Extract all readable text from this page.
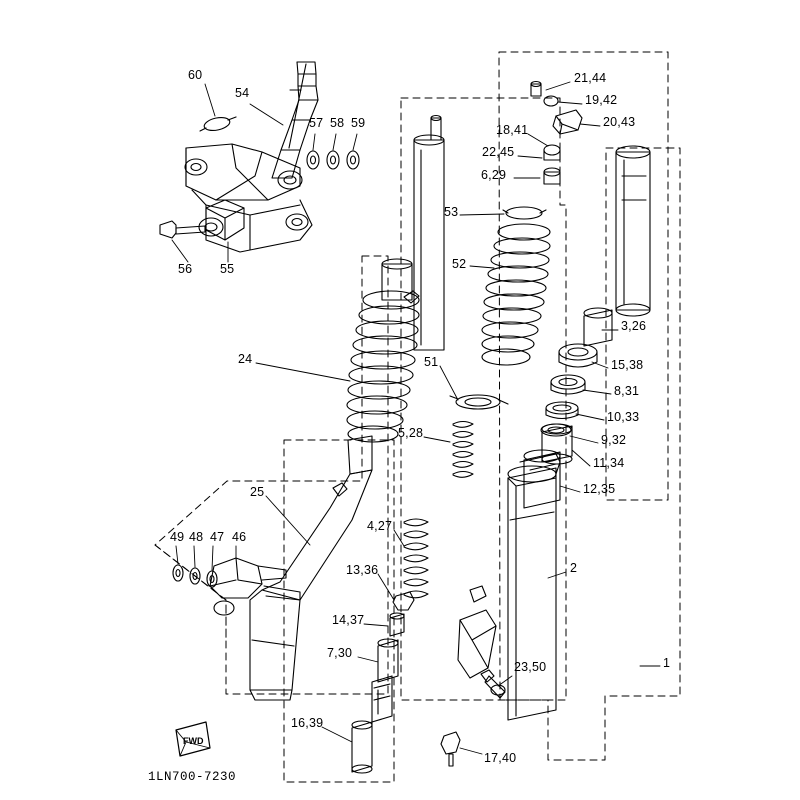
60
54
57 58 59
56 55
24
25
49 48 47 46
21,44
19,42
20,43
18,41
22,45
6,29
53
52
3,26
15,38
51
8,31
10,33
9,32
11,34
12,35
5,28
4,27
13,36
14,37
7,30
16,39
2
23,50	1
17,40
FWD
1LN700-7230
